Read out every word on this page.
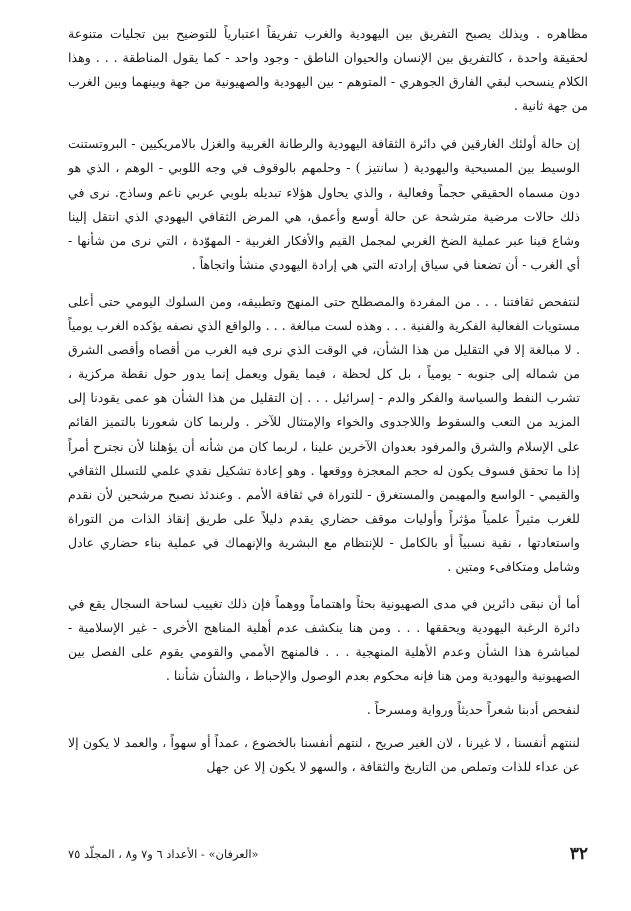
مظاهره . ويذلك يصبح التفريق بين اليهودية والغرب تفريقاً اعتبارياً للتوضيح بين تجليات متنوعة لحقيقة واحدة ، كالتفريق بين الإنسان والحيوان الناطق - وجود واحد - كما يقول المناطقة . . . وهذا الكلام ينسحب لبقي الفارق الجوهري - المتوهم - بين اليهودية والصهيونية من جهة وبينهما وبين الغرب من جهة ثانية .

إن حالة أولئك الغارقين في دائرة الثقافة اليهودية والرطانة الغربية والغزل بالامريكيين - البروتستنت الوسيط بين المسيحية واليهودية ( سانتيز ) - وحلمهم بالوقوف في وجه اللوبي - الوهم ، الذي هو دون مسماه الحقيقي حجماً وفعالية ، والذي يحاول هؤلاء تبديله بلوبي عربي ناعم وساذج. نرى في ذلك حالات مرضية مترشحة عن حالة أوسع وأعمق، هي المرض الثقافي اليهودي الذي انتقل إلينا وشاع فينا عبر عملية الضخ الغربي لمجمل القيم والأفكار الغربية - المهوّدة ، التي نرى من شأنها - أي الغرب - أن تضعنا في سياق إرادته التي هي إرادة اليهودي منشأ واتجاهاً .

لنتفحص ثقافتنا . . . من المفردة والمصطلح حتى المنهج وتطبيقه، ومن السلوك اليومي حتى أعلى مستويات الفعالية الفكرية والفنية . . . وهذه لست مبالغة . . . والواقع الذي نصفه يؤكده الغرب يومياً . لا مبالغة إلا في التقليل من هذا الشأن، في الوقت الذي نرى فيه الغرب من أقصاه وأقصى الشرق من شماله إلى جنوبه - يومياً ، بل كل لحظة ، فيما يقول ويعمل إنما يدور حول نقطة مركزية ، تشرب النفط والسياسة والفكر والدم - إسرائيل . . . إن التقليل من هذا الشأن هو عمى يقودنا إلى المزيد من التعب والسقوط واللاجدوى والخواء والإمتثال للآخر . ولربما كان شعورنا بالتميز القائم على الإسلام والشرق والمرفود بعدوان الآخرين علينا ، لربما كان من شأنه أن يؤهلنا لأن نجترح أمراً إذا ما تحقق فسوف يكون له حجم المعجزة ووقعها . وهو إعادة تشكيل نقدي علمي للتسلل الثقافي والقيمي - الواسع والمهيمن والمستغرق - للتوراة في ثقافة الأمم . وعندئذ نصبح مرشحين لأن نقدم للغرب مثيراً علمياً مؤثراً وأوليات موقف حضاري يقدم دليلاً على طريق إنقاذ الذات من التوراة واستعادتها ، نقية نسبياً أو بالكامل - للإنتظام مع البشرية والإنهماك في عملية بناء حضاري عادل وشامل ومتكافىء ومتين .

أما أن نبقى دائرين في مدى الصهيونية بحثاً واهتماماً ووهماً فإن ذلك تغييب لساحة السجال يقع في دائرة الرغبة اليهودية ويحققها . . . ومن هنا ينكشف عدم أهلية المناهج الأخرى - غير الإسلامية - لمباشرة هذا الشأن وعدم الأهلية المنهجية . . . فالمنهج الأممي والقومي يقوم على الفصل بين الصهيونية واليهودية ومن هنا فإنه محكوم بعدم الوصول والإحباط ، والشأن شأننا .

لنفحص أدبنا شعراً حديثاً ورواية ومسرحاً .

لننتهم أنفسنا ، لا غيرنا ، لان الغير صريح ، لنتهم أنفسنا بالخضوع ، عمداً أو سهواً ، والعمد لا يكون إلا عن عداء للذات وتملص من التاريخ والثقافة ، والسهو لا يكون إلا عن جهل

٣٢
«العرفان» - الأعداد ٦ و٧ و٨ ، المجلّد ٧٥
